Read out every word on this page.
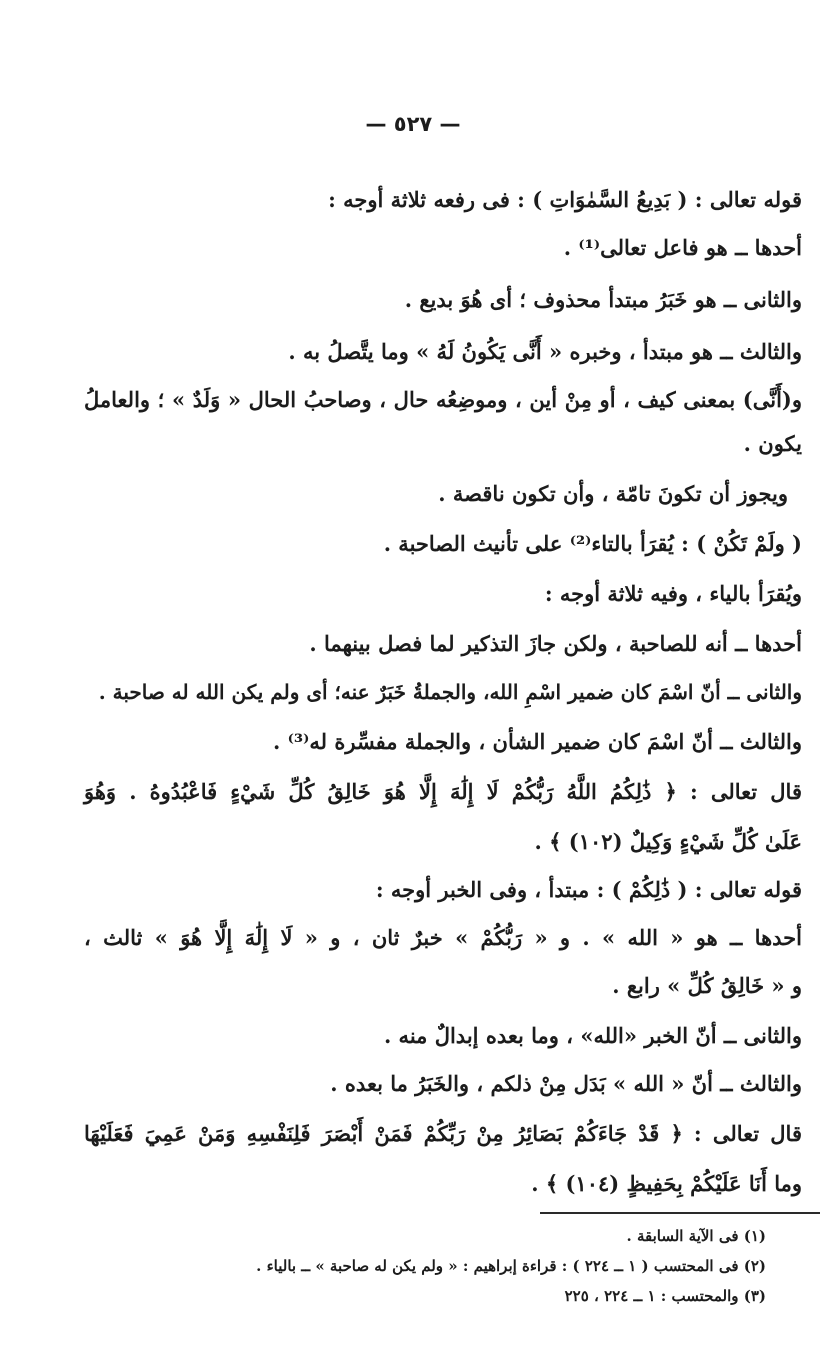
— ٥٢٧ —
قوله تعالى : ( بَدِيعُ السَّمٰوَاتِ ) : فى رفعه ثلاثة أوجه :
أحدها ــ هو فاعل تعالى⁽¹⁾ .
والثانى ــ هو خَبَرُ مبتدأ محذوف ؛ أى هُوَ بديع .
والثالث ــ هو مبتدأ ، وخبره « أَنَّى يَكُونُ لَهُ » وما يتَّصلُ به .
و(أَنَّى) بمعنى كيف ، أو مِنْ أين ، وموضِعُه حال ، وصاحبُ الحال « وَلَدٌ » ؛ والعاملُ
يكون .
ويجوز أن تكونَ تامّة ، وأن تكون ناقصة .
( ولَمْ تَكُنْ ) : يُقرَأ بالتاء⁽²⁾ على تأنيث الصاحبة .
ويُقرَأ بالياء ، وفيه ثلاثة أوجه :
أحدها ــ أنه للصاحبة ، ولكن جازَ التذكير لما فصل بينهما .
والثانى ــ أنّ اسْمَ كان ضمير اسْمِ الله، والجملةُ خَبَرٌ عنه؛ أى ولم يكن الله له صاحبة .
والثالث ــ أنّ اسْمَ كان ضمير الشأن ، والجملة مفسِّرة له⁽³⁾ .
قال تعالى : ﴿ ذَٰلِكُمُ اللَّهُ رَبُّكُمْ لَا إِلَٰهَ إِلَّا هُوَ خَالِقُ كُلِّ شَيْءٍ فَاعْبُدُوهُ . وَهُوَ
عَلَىٰ كُلِّ شَيْءٍ وَكِيلٌ (١٠٢) ﴾ .
قوله تعالى : ( ذَٰلِكُمْ ) : مبتدأ ، وفى الخبر أوجه :
أحدها ــ هو « الله » . و « رَبُّكُمْ » خبرٌ ثان ، و « لَا إِلَٰهَ إِلَّا هُوَ » ثالث ،
و « خَالِقُ كُلِّ » رابع .
والثانى ــ أنّ الخبر «الله» ، وما بعده إبدالٌ منه .
والثالث ــ أنّ « الله » بَدَل مِنْ ذلكم ، والخَبَرُ ما بعده .
قال تعالى : ﴿ قَدْ جَاءَكُمْ بَصَائِرُ مِنْ رَبِّكُمْ فَمَنْ أَبْصَرَ فَلِنَفْسِهِ وَمَنْ عَمِيَ فَعَلَيْهَا
وما أَنَا عَلَيْكُمْ بِحَفِيظٍ (١٠٤) ﴾ .
(١) فى الآية السابقة .
(٢) فى المحتسب ( ١ ــ ٢٢٤ ) : قراءة إبراهيم : « ولم يكن له صاحبة » ــ بالياء .
(٣) والمحتسب : ١ ــ ٢٢٤ ، ٢٢٥
